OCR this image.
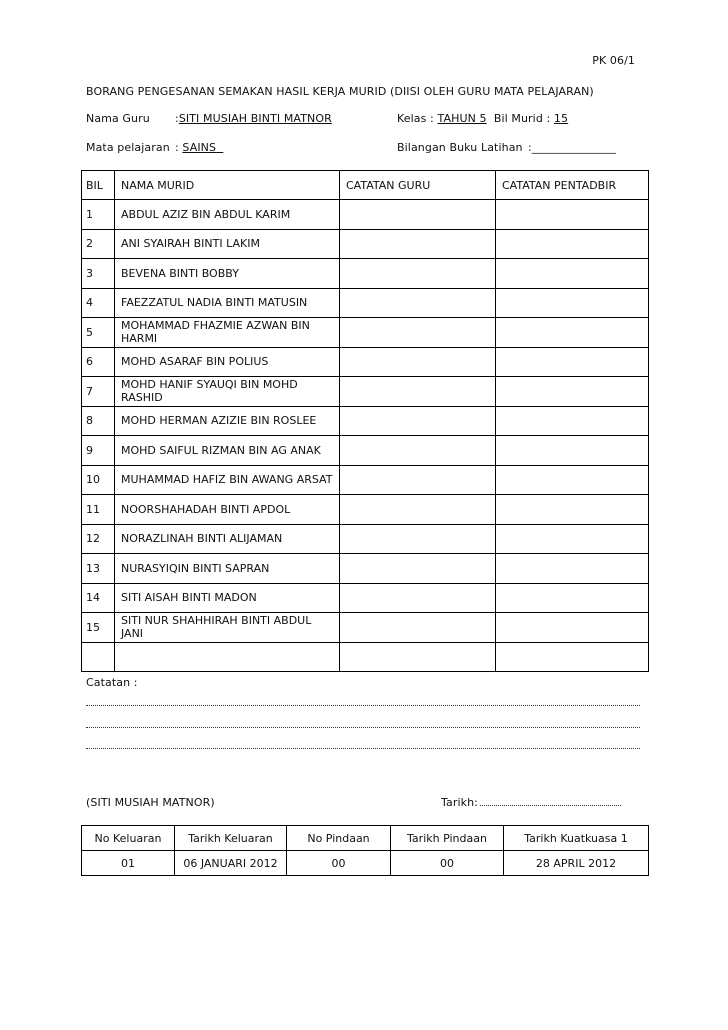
PK 06/1
BORANG PENGESANAN SEMAKAN HASIL KERJA MURID (DIISI OLEH GURU MATA PELAJARAN)
Nama Guru :SITI MUSIAH BINTI MATNOR	Kelas : TAHUN 5 Bil Murid : 15
Mata pelajaran : SAINS	Bilangan Buku Latihan :_______________
BIL	NAMA MURID	CATATAN GURU	CATATAN PENTADBIR
1	ABDUL AZIZ BIN ABDUL KARIM		
2	ANI SYAIRAH BINTI LAKIM		
3	BEVENA BINTI BOBBY		
4	FAEZZATUL NADIA BINTI MATUSIN		
5	MOHAMMAD FHAZMIE AZWAN BIN HARMI		
6	MOHD ASARAF BIN POLIUS		
7	MOHD HANIF SYAUQI BIN MOHD RASHID		
8	MOHD HERMAN AZIZIE BIN ROSLEE		
9	MOHD SAIFUL RIZMAN BIN AG ANAK		
10	MUHAMMAD HAFIZ BIN AWANG ARSAT		
11	NOORSHAHADAH BINTI APDOL		
12	NORAZLINAH BINTI ALIJAMAN		
13	NURASYIQIN BINTI SAPRAN		
14	SITI AISAH BINTI MADON		
15	SITI NUR SHAHHIRAH BINTI ABDUL JANI		

Catatan :
(SITI MUSIAH MATNOR)	Tarikh:
No Keluaran	Tarikh Keluaran	No Pindaan	Tarikh Pindaan	Tarikh Kuatkuasa 1
01	06 JANUARI 2012	00	00	28 APRIL 2012
